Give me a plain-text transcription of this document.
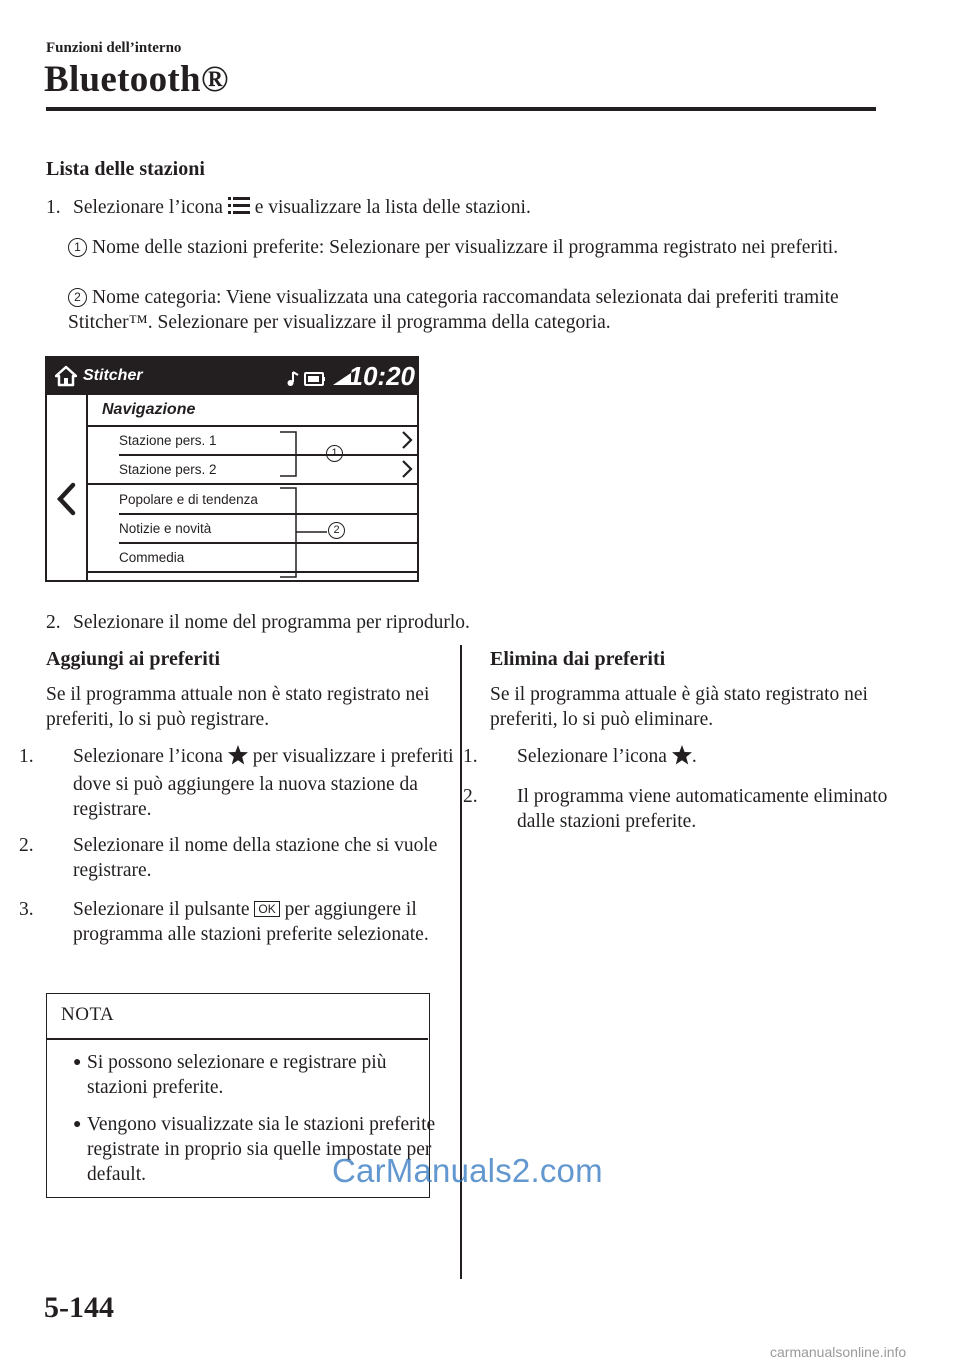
Funzioni dell’interno
Bluetooth®
Lista delle stazioni
1. Selezionare l’icona e visualizzare la lista delle stazioni.
1 Nome delle stazioni preferite: Selezionare per visualizzare il programma registrato nei preferiti.
2 Nome categoria: Viene visualizzata una categoria raccomandata selezionata dai preferiti tramite Stitcher™. Selezionare per visualizzare il programma della categoria.
Stitcher	10:20
Navigazione
Stazione pers. 1
Stazione pers. 2
Popolare e di tendenza
Notizie e novità
Commedia
1
2
2. Selezionare il nome del programma per riprodurlo.
Aggiungi ai preferiti
Se il programma attuale non è stato registrato nei preferiti, lo si può registrare.
1. Selezionare l’icona per visualizzare i preferiti dove si può aggiungere la nuova stazione da registrare.
2. Selezionare il nome della stazione che si vuole registrare.
3. Selezionare il pulsante OK per aggiungere il programma alle stazioni preferite selezionate.
NOTA
● Si possono selezionare e registrare più stazioni preferite.
● Vengono visualizzate sia le stazioni preferite registrate in proprio sia quelle impostate per default.
Elimina dai preferiti
Se il programma attuale è già stato registrato nei preferiti, lo si può eliminare.
1. Selezionare l’icona .
2. Il programma viene automaticamente eliminato dalle stazioni preferite.
CarManuals2.com
5-144
carmanualsonline.info
